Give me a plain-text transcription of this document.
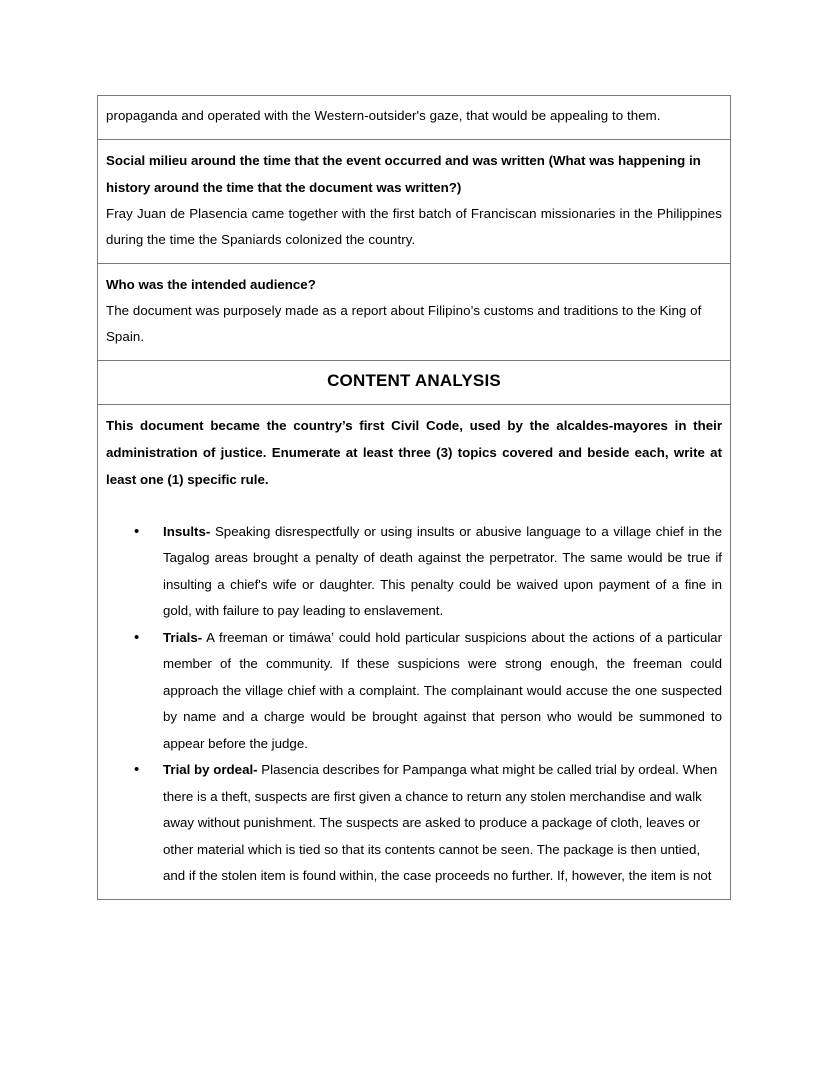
propaganda and operated with the Western-outsider's gaze, that would be appealing to them.

Social milieu around the time that the event occurred and was written (What was happening in history around the time that the document was written?)

Fray Juan de Plasencia came together with the first batch of Franciscan missionaries in the Philippines during the time the Spaniards colonized the country.

Who was the intended audience?

The document was purposely made as a report about Filipino’s customs and traditions to the King of Spain.

CONTENT ANALYSIS

This document became the country’s first Civil Code, used by the alcaldes-mayores in their administration of justice. Enumerate at least three (3) topics covered and beside each, write at least one (1) specific rule.

• Insults- Speaking disrespectfully or using insults or abusive language to a village chief in the Tagalog areas brought a penalty of death against the perpetrator. The same would be true if insulting a chief's wife or daughter. This penalty could be waived upon payment of a fine in gold, with failure to pay leading to enslavement.
• Trials- A freeman or timáwaʼ could hold particular suspicions about the actions of a particular member of the community. If these suspicions were strong enough, the freeman could approach the village chief with a complaint. The complainant would accuse the one suspected by name and a charge would be brought against that person who would be summoned to appear before the judge.
• Trial by ordeal- Plasencia describes for Pampanga what might be called trial by ordeal. When there is a theft, suspects are first given a chance to return any stolen merchandise and walk away without punishment. The suspects are asked to produce a package of cloth, leaves or other material which is tied so that its contents cannot be seen. The package is then untied, and if the stolen item is found within, the case proceeds no further. If, however, the item is not
